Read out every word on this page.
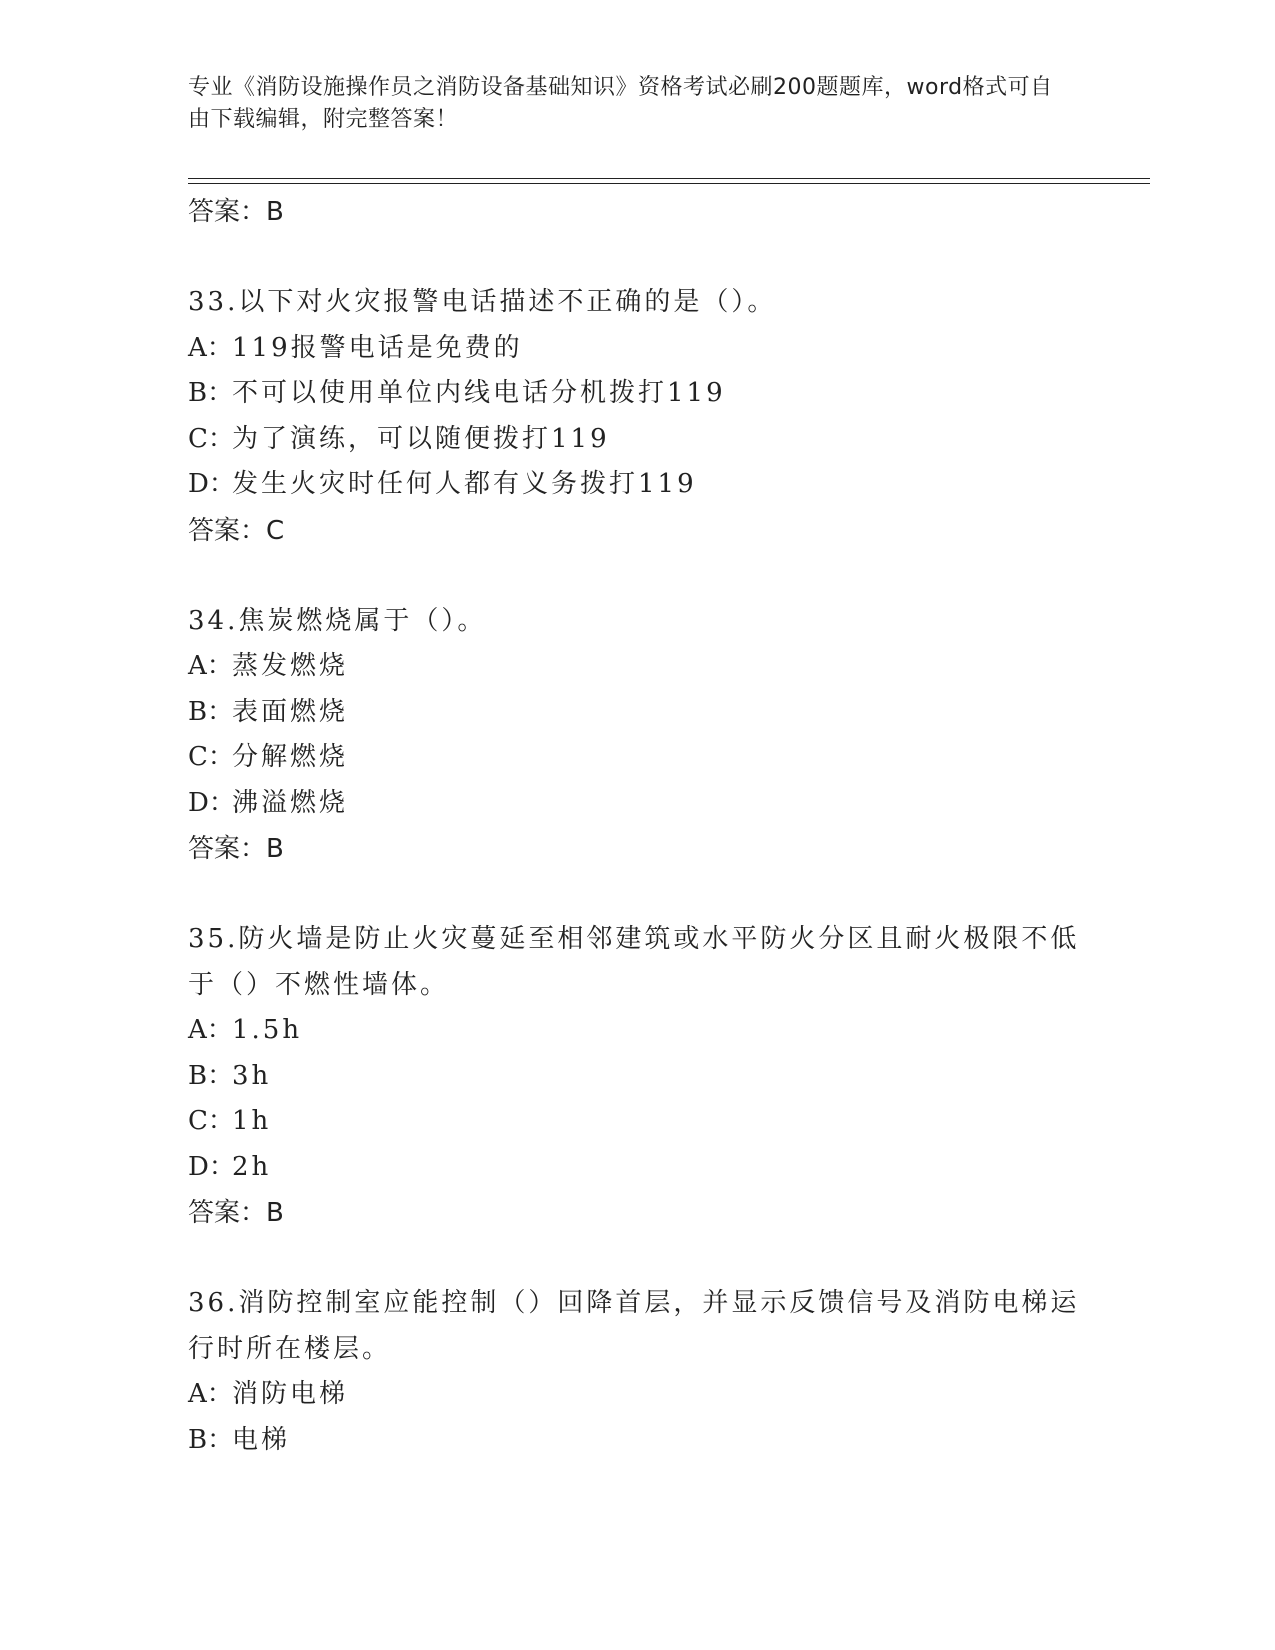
专业《消防设施操作员之消防设备基础知识》资格考试必刷200题题库，word格式可自由下载编辑，附完整答案！
答案：B
33.以下对火灾报警电话描述不正确的是（）。
A：119报警电话是免费的
B：不可以使用单位内线电话分机拨打119
C：为了演练，可以随便拨打119
D：发生火灾时任何人都有义务拨打119
答案：C
34.焦炭燃烧属于（）。
A：蒸发燃烧
B：表面燃烧
C：分解燃烧
D：沸溢燃烧
答案：B
35.防火墙是防止火灾蔓延至相邻建筑或水平防火分区且耐火极限不低于（）不燃性墙体。
A：1.5h
B：3h
C：1h
D：2h
答案：B
36.消防控制室应能控制（）回降首层，并显示反馈信号及消防电梯运行时所在楼层。
A：消防电梯
B：电梯
